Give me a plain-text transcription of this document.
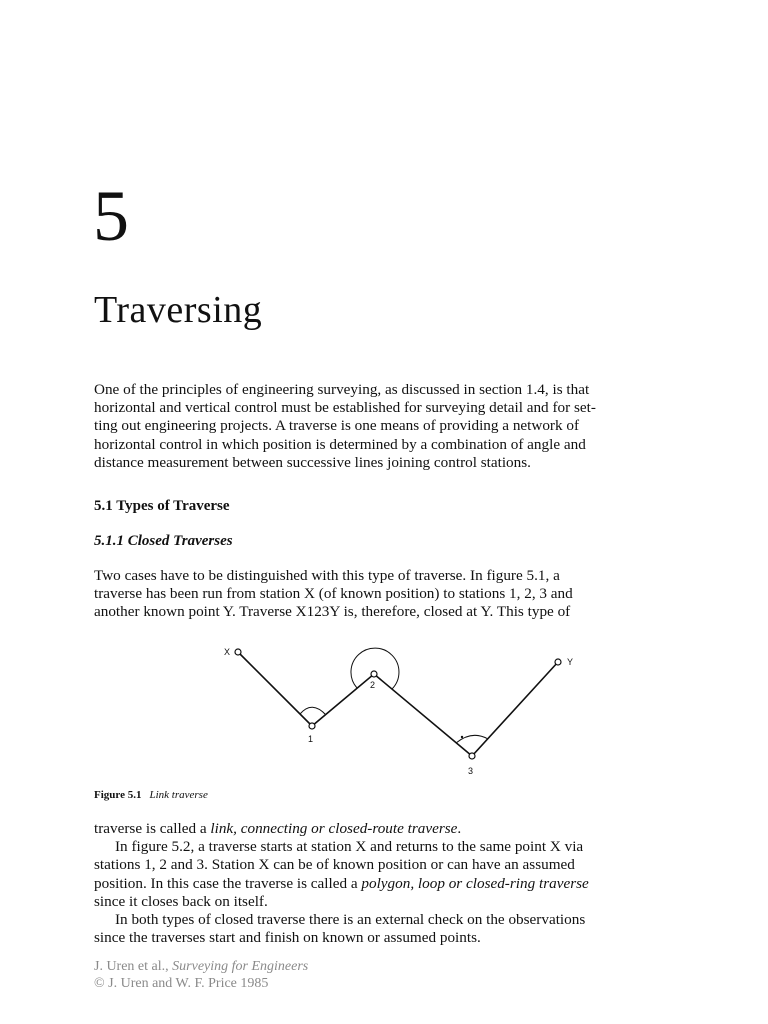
5
Traversing

One of the principles of engineering surveying, as discussed in section 1.4, is that
horizontal and vertical control must be established for surveying detail and for set-
ting out engineering projects. A traverse is one means of providing a network of
horizontal control in which position is determined by a combination of angle and
distance measurement between successive lines joining control stations.

5.1 Types of Traverse

5.1.1 Closed Traverses

Two cases have to be distinguished with this type of traverse. In figure 5.1, a
traverse has been run from station X (of known position) to stations 1, 2, 3 and
another known point Y. Traverse X123Y is, therefore, closed at Y. This type of

X
1
2
3
Y

Figure 5.1 Link traverse

traverse is called a link, connecting or closed-route traverse.
In figure 5.2, a traverse starts at station X and returns to the same point X via
stations 1, 2 and 3. Station X can be of known position or can have an assumed
position. In this case the traverse is called a polygon, loop or closed-ring traverse
since it closes back on itself.
In both types of closed traverse there is an external check on the observations
since the traverses start and finish on known or assumed points.

J. Uren et al., Surveying for Engineers
© J. Uren and W. F. Price 1985
